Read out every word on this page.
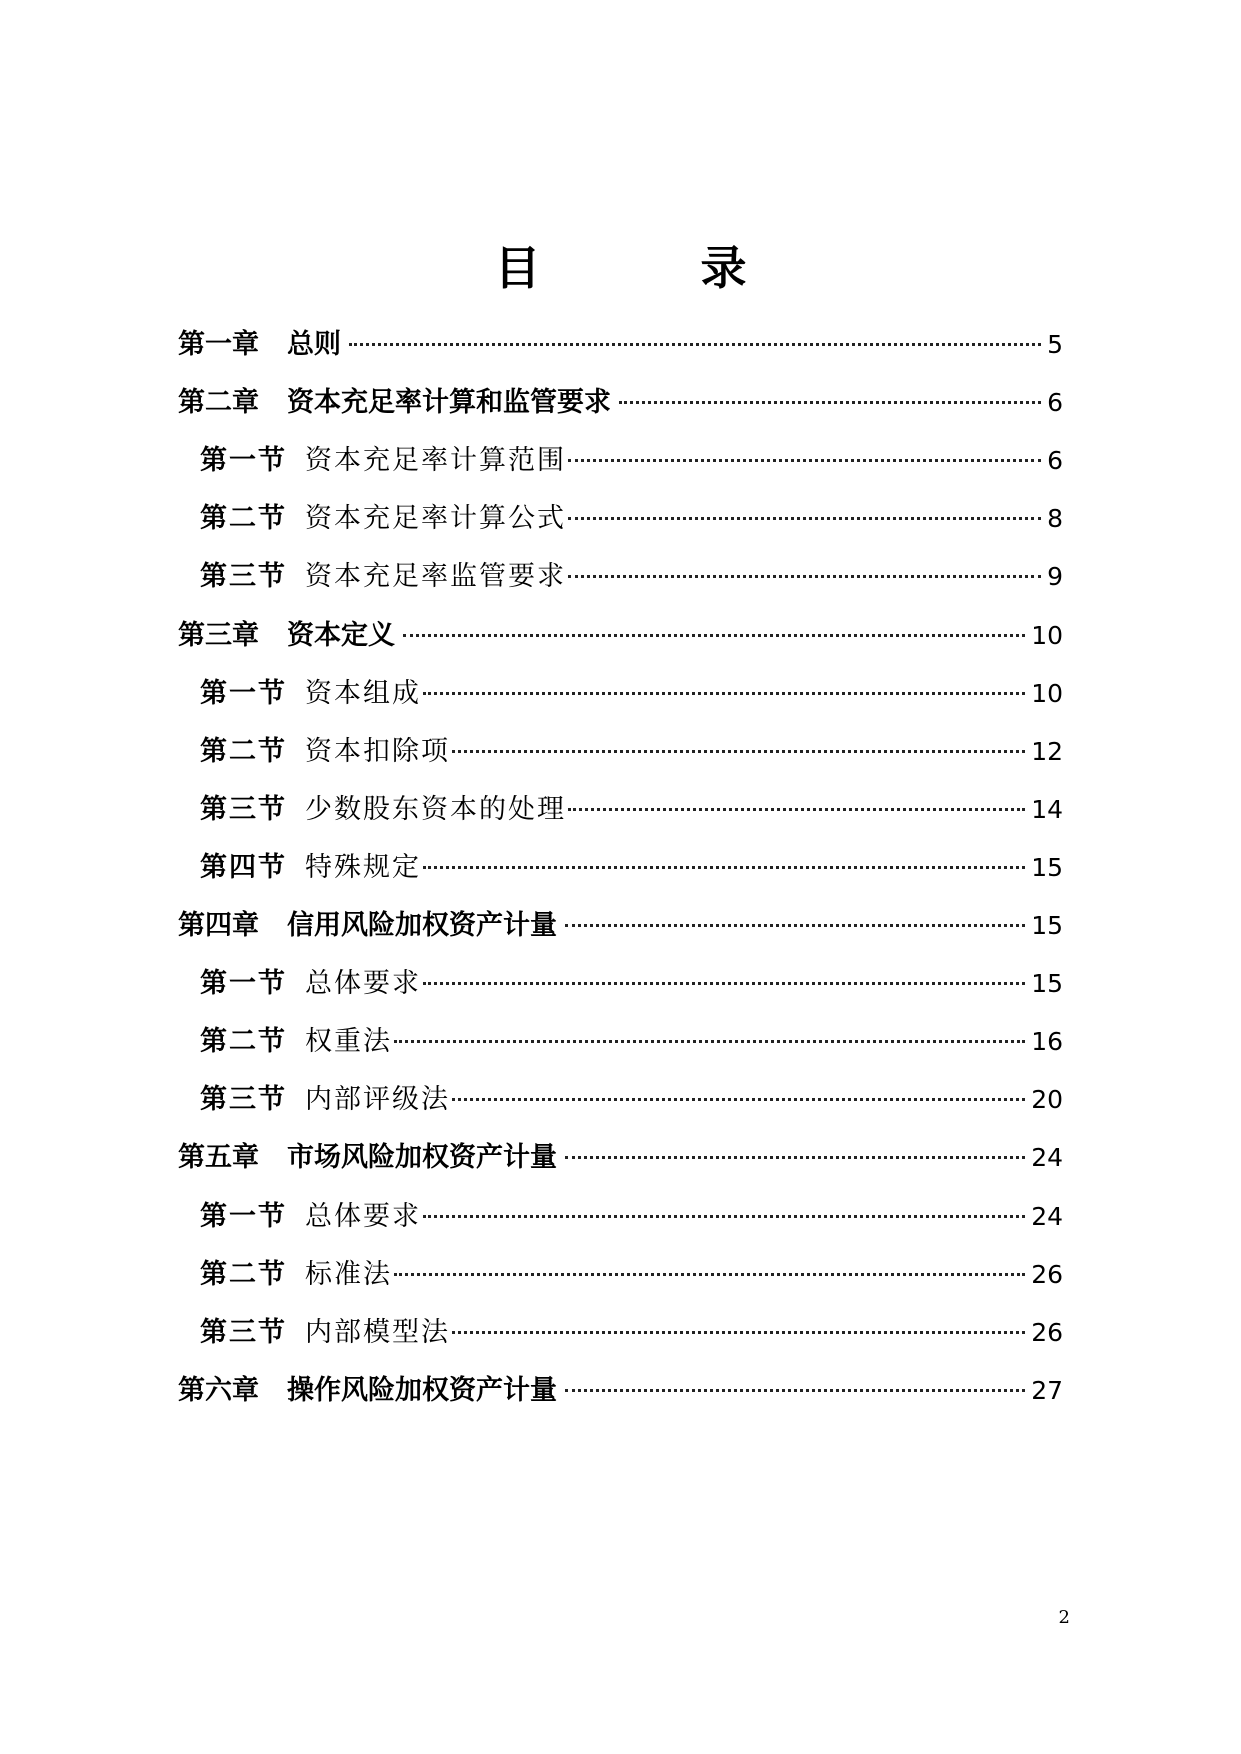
目 录
第一章 总则	5
第二章 资本充足率计算和监管要求	6
第一节 资本充足率计算范围	6
第二节 资本充足率计算公式	8
第三节 资本充足率监管要求	9
第三章 资本定义	10
第一节 资本组成	10
第二节 资本扣除项	12
第三节 少数股东资本的处理	14
第四节 特殊规定	15
第四章 信用风险加权资产计量	15
第一节 总体要求	15
第二节 权重法	16
第三节 内部评级法	20
第五章 市场风险加权资产计量	24
第一节 总体要求	24
第二节 标准法	26
第三节 内部模型法	26
第六章 操作风险加权资产计量	27
2
